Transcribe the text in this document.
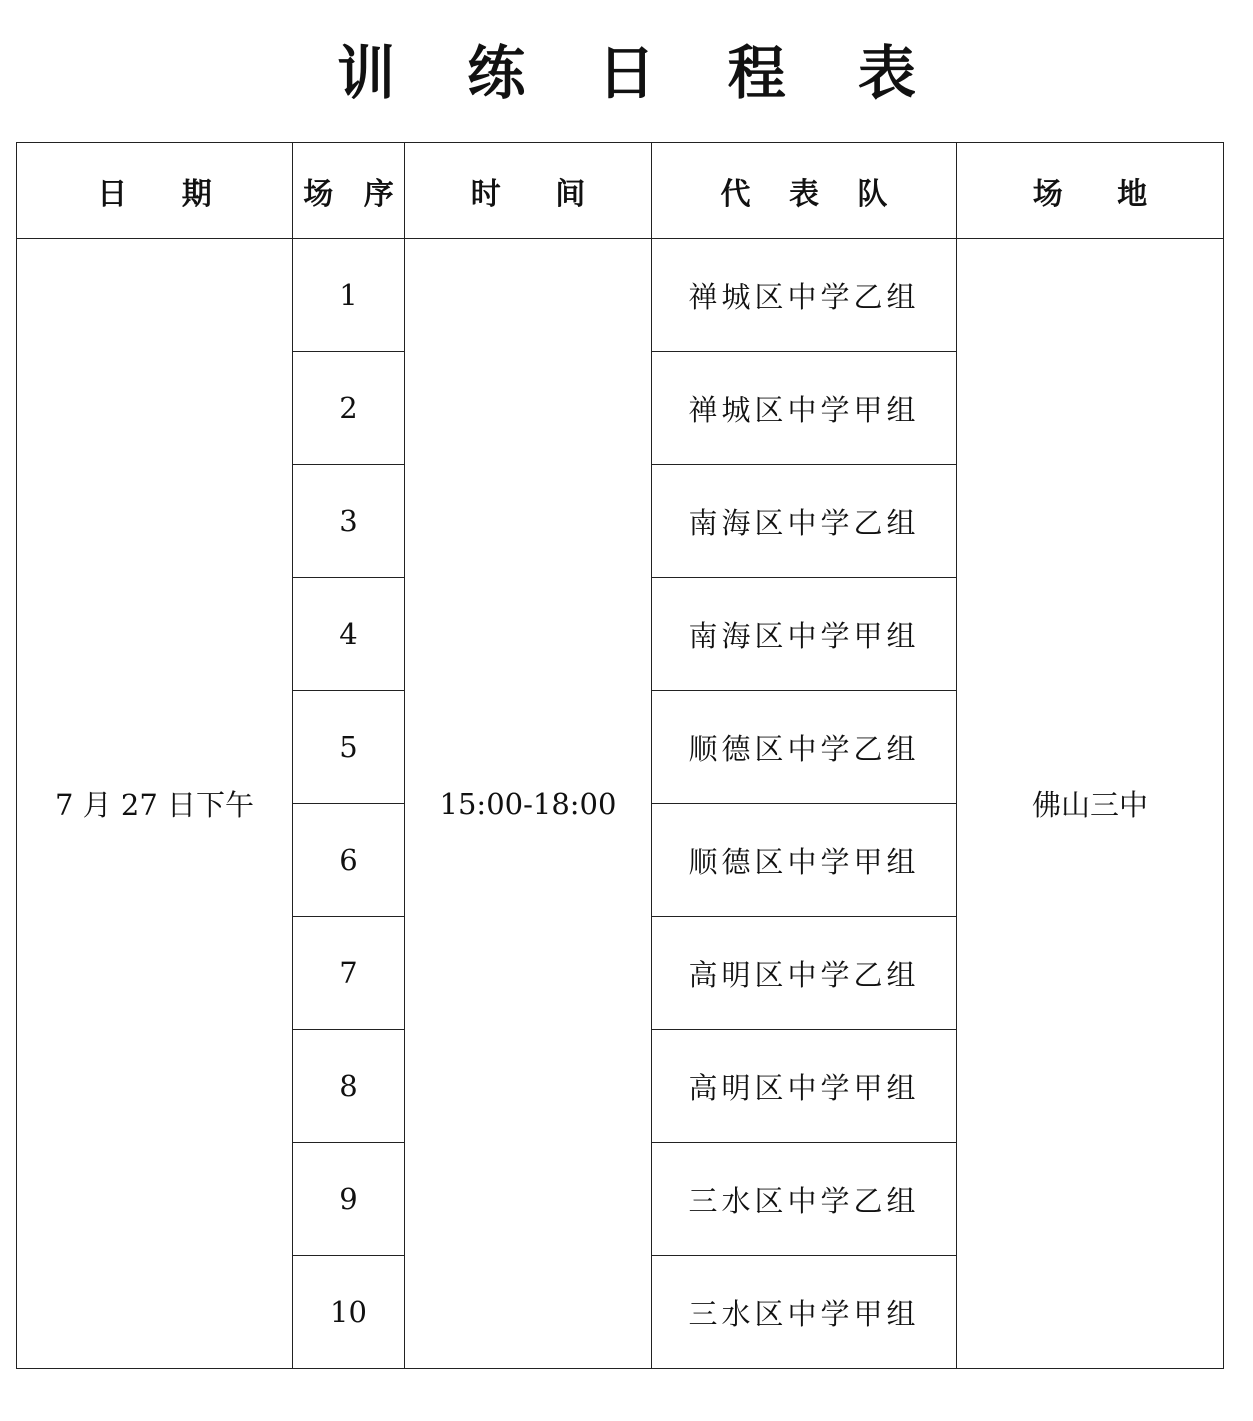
训 练 日 程 表
日 期	场 序	时 间	代 表 队	场 地
7 月 27 日下午	1	15:00-18:00	禅城区中学乙组	佛山三中
	2		禅城区中学甲组	
	3		南海区中学乙组	
	4		南海区中学甲组	
	5		顺德区中学乙组	
	6		顺德区中学甲组	
	7		高明区中学乙组	
	8		高明区中学甲组	
	9		三水区中学乙组	
	10		三水区中学甲组	
